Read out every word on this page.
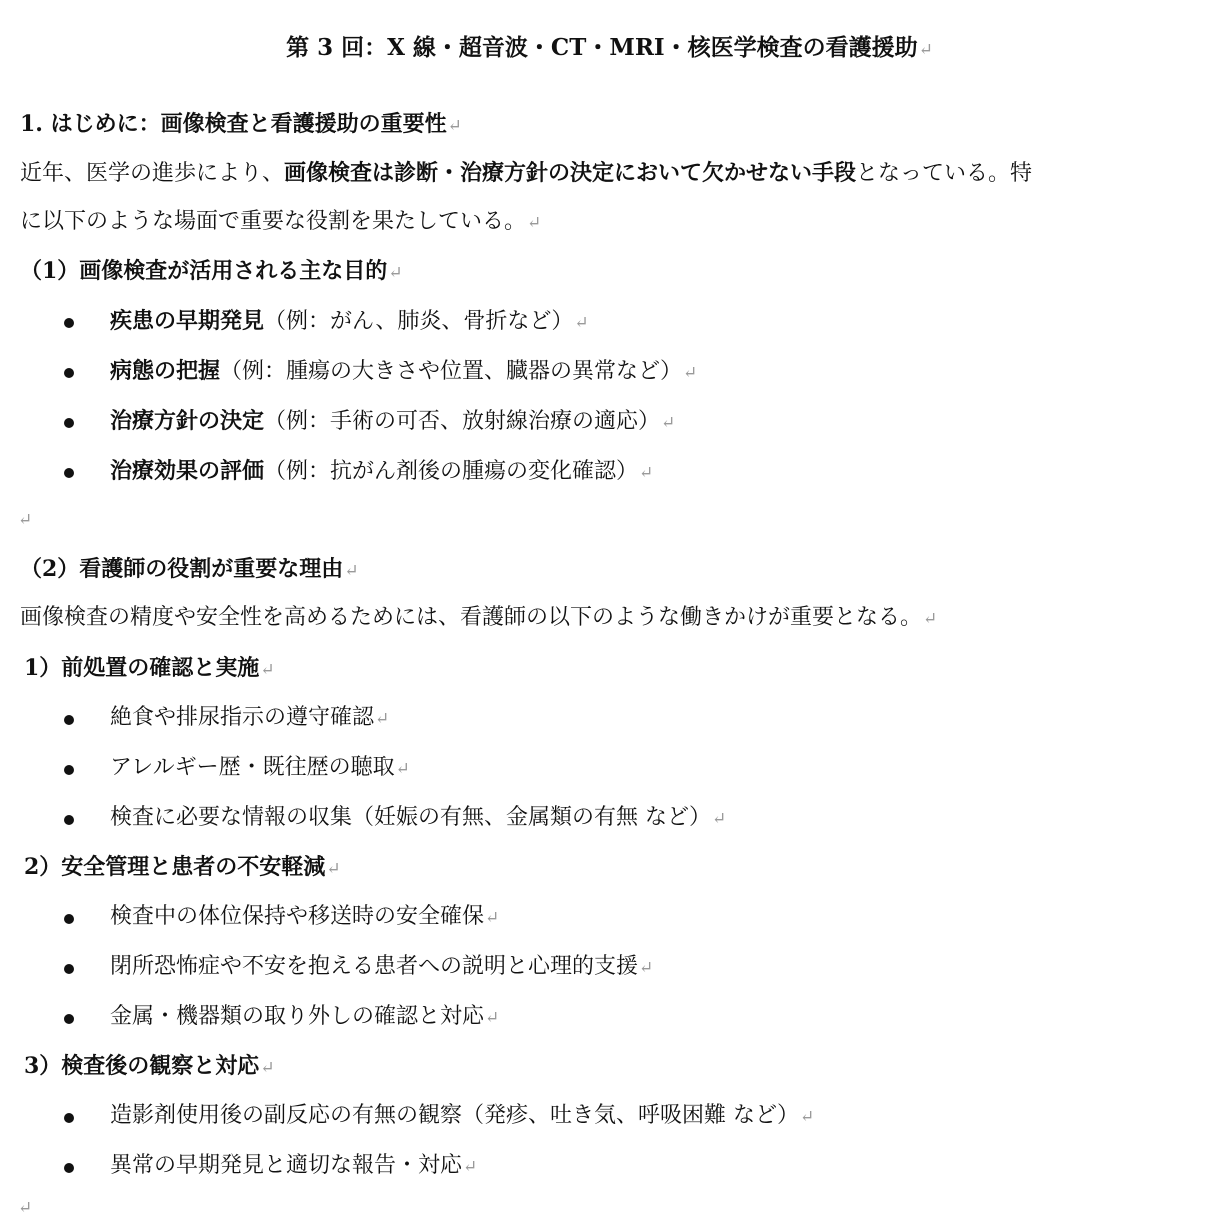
第 3 回：X 線・超音波・CT・MRI・核医学検査の看護援助↵
1. はじめに：画像検査と看護援助の重要性↵
近年、医学の進歩により、画像検査は診断・治療方針の決定において欠かせない手段となっている。特
に以下のような場面で重要な役割を果たしている。↵
（1）画像検査が活用される主な目的↵
疾患の早期発見（例：がん、肺炎、骨折など）↵
病態の把握（例：腫瘍の大きさや位置、臓器の異常など）↵
治療方針の決定（例：手術の可否、放射線治療の適応）↵
治療効果の評価（例：抗がん剤後の腫瘍の変化確認）↵
↵
（2）看護師の役割が重要な理由↵
画像検査の精度や安全性を高めるためには、看護師の以下のような働きかけが重要となる。↵
1）前処置の確認と実施↵
絶食や排尿指示の遵守確認↵
アレルギー歴・既往歴の聴取↵
検査に必要な情報の収集（妊娠の有無、金属類の有無 など）↵
2）安全管理と患者の不安軽減↵
検査中の体位保持や移送時の安全確保↵
閉所恐怖症や不安を抱える患者への説明と心理的支援↵
金属・機器類の取り外しの確認と対応↵
3）検査後の観察と対応↵
造影剤使用後の副反応の有無の観察（発疹、吐き気、呼吸困難 など）↵
異常の早期発見と適切な報告・対応↵
↵
